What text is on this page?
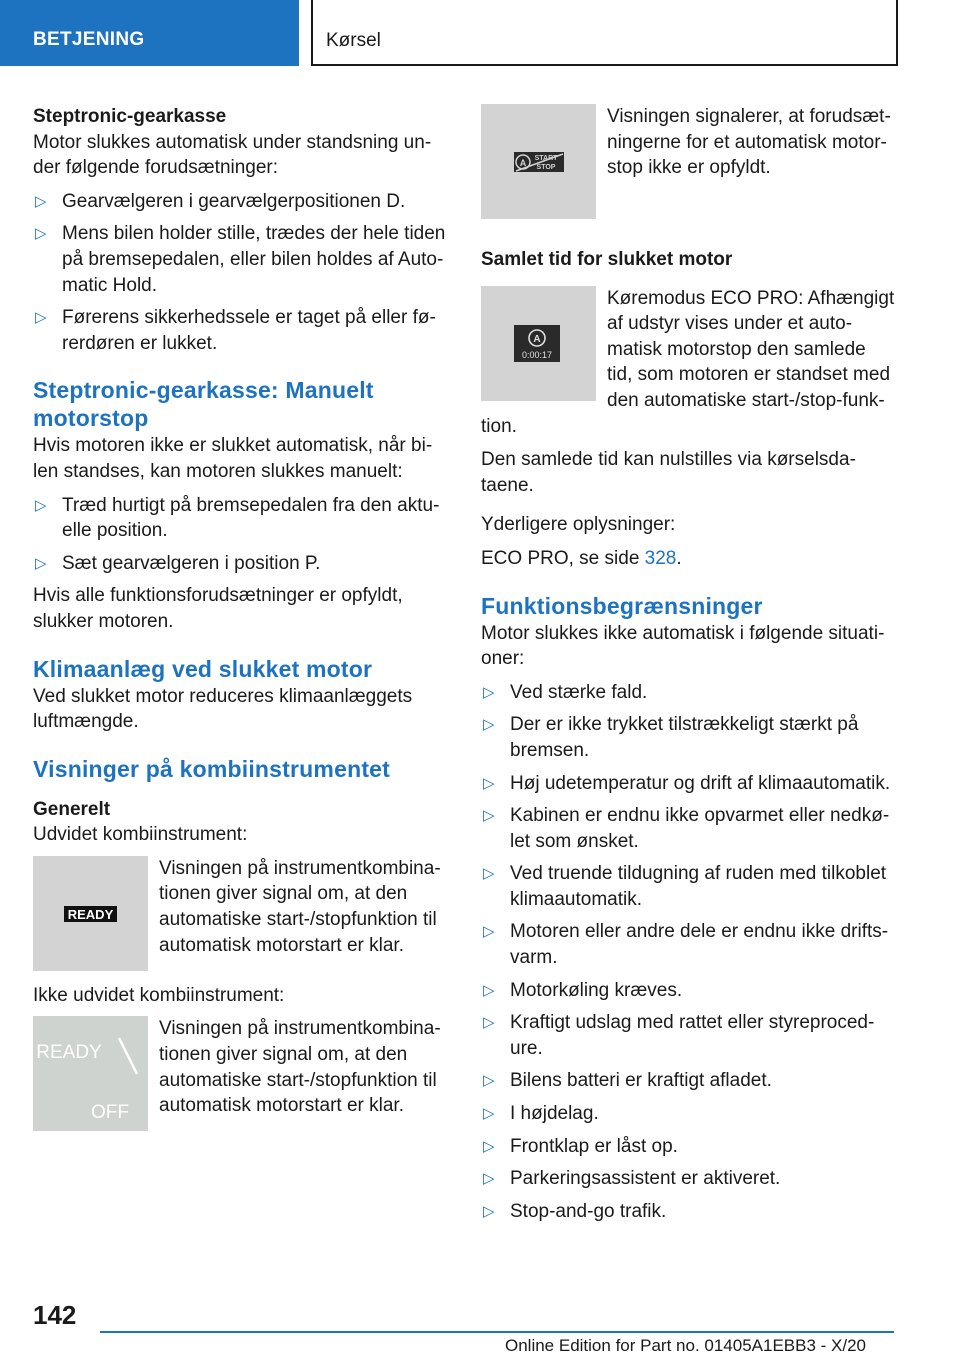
BETJENING	Kørsel

Steptronic-gearkasse

Motor slukkes automatisk under standsning under følgende forudsætninger:

▷ Gearvælgeren i gearvælgerpositionen D.
▷ Mens bilen holder stille, trædes der hele tiden på bremsepedalen, eller bilen holdes af Automatic Hold.
▷ Førerens sikkerhedssele er taget på eller førerdøren er lukket.
Steptronic-gearkasse: Manuelt motorstop

Hvis motoren ikke er slukket automatisk, når bilen standses, kan motoren slukkes manuelt:

▷ Træd hurtigt på bremsepedalen fra den aktuelle position.
▷ Sæt gearvælgeren i position P.

Hvis alle funktionsforudsætninger er opfyldt, slukker motoren.

Klimaanlæg ved slukket motor

Ved slukket motor reduceres klimaanlæggets luftmængde.

Visninger på kombiinstrumentet

Generelt

Udvidet kombiinstrument:

READY
Visningen på instrumentkombinationen giver signal om, at den automatiske start-/stopfunktion til automatisk motorstart er klar.

Ikke udvidet kombiinstrument:

READY
OFF
Visningen på instrumentkombinationen giver signal om, at den automatiske start-/stopfunktion til automatisk motorstart er klar.
A START
STOP
Visningen signalerer, at forudsætningerne for et automatisk motorstop ikke er opfyldt.

Samlet tid for slukket motor

A
0:00:17
Køremodus ECO PRO: Afhængigt af udstyr vises under et automatisk motorstop den samlede tid, som motoren er standset med den automatiske start-/stop-funktion.

Den samlede tid kan nulstilles via kørselsdataene.

Yderligere oplysninger:

ECO PRO, se side 328.

Funktionsbegrænsninger

Motor slukkes ikke automatisk i følgende situationer:

▷ Ved stærke fald.
▷ Der er ikke trykket tilstrækkeligt stærkt på bremsen.
▷ Høj udetemperatur og drift af klimaautomatik.
▷ Kabinen er endnu ikke opvarmet eller nedkølet som ønsket.
▷ Ved truende tildugning af ruden med tilkoblet klimaautomatik.
▷ Motoren eller andre dele er endnu ikke driftsvarm.
▷ Motorkøling kræves.
▷ Kraftigt udslag med rattet eller styreprocedure.
▷ Bilens batteri er kraftigt afladet.
▷ I højdelag.
▷ Frontklap er låst op.
▷ Parkeringsassistent er aktiveret.
▷ Stop-and-go trafik.
142
Online Edition for Part no. 01405A1EBB3 - X/20
